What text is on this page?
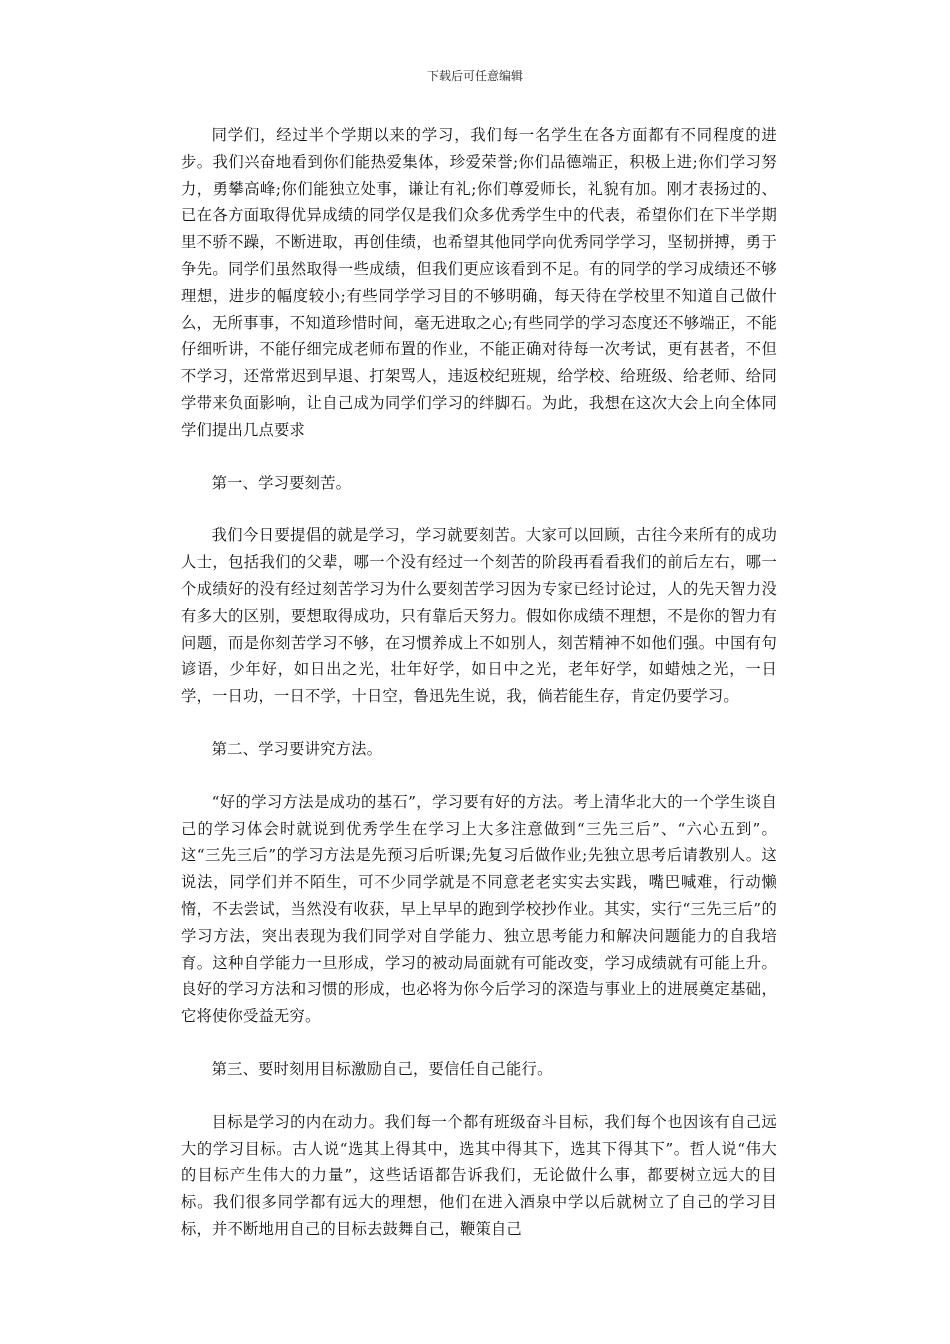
下载后可任意编辑

同学们，经过半个学期以来的学习，我们每一名学生在各方面都有不同程度的进步。我们兴奋地看到你们能热爱集体，珍爱荣誉;你们品德端正，积极上进;你们学习努力，勇攀高峰;你们能独立处事，谦让有礼;你们尊爱师长，礼貌有加。刚才表扬过的、已在各方面取得优异成绩的同学仅是我们众多优秀学生中的代表，希望你们在下半学期里不骄不躁，不断进取，再创佳绩，也希望其他同学向优秀同学学习，坚韧拼搏，勇于争先。同学们虽然取得一些成绩，但我们更应该看到不足。有的同学的学习成绩还不够理想，进步的幅度较小;有些同学学习目的不够明确，每天待在学校里不知道自己做什么，无所事事，不知道珍惜时间，毫无进取之心;有些同学的学习态度还不够端正，不能仔细听讲，不能仔细完成老师布置的作业，不能正确对待每一次考试，更有甚者，不但不学习，还常常迟到早退、打架骂人，违返校纪班规，给学校、给班级、给老师、给同学带来负面影响，让自己成为同学们学习的绊脚石。为此，我想在这次大会上向全体同学们提出几点要求

第一、学习要刻苦。

我们今日要提倡的就是学习，学习就要刻苦。大家可以回顾，古往今来所有的成功人士，包括我们的父辈，哪一个没有经过一个刻苦的阶段再看看我们的前后左右，哪一个成绩好的没有经过刻苦学习为什么要刻苦学习因为专家已经讨论过，人的先天智力没有多大的区别，要想取得成功，只有靠后天努力。假如你成绩不理想，不是你的智力有问题，而是你刻苦学习不够，在习惯养成上不如别人，刻苦精神不如他们强。中国有句谚语，少年好，如日出之光，壮年好学，如日中之光，老年好学，如蜡烛之光，一日学，一日功，一日不学，十日空，鲁迅先生说，我，倘若能生存，肯定仍要学习。

第二、学习要讲究方法。

“好的学习方法是成功的基石”，学习要有好的方法。考上清华北大的一个学生谈自己的学习体会时就说到优秀学生在学习上大多注意做到“三先三后”、“六心五到”。这“三先三后”的学习方法是先预习后听课;先复习后做作业;先独立思考后请教别人。这说法，同学们并不陌生，可不少同学就是不同意老老实实去实践，嘴巴喊难，行动懒惰，不去尝试，当然没有收获，早上早早的跑到学校抄作业。其实，实行“三先三后”的学习方法，突出表现为我们同学对自学能力、独立思考能力和解决问题能力的自我培育。这种自学能力一旦形成，学习的被动局面就有可能改变，学习成绩就有可能上升。良好的学习方法和习惯的形成，也必将为你今后学习的深造与事业上的进展奠定基础，它将使你受益无穷。

第三、要时刻用目标激励自己，要信任自己能行。

目标是学习的内在动力。我们每一个都有班级奋斗目标，我们每个也因该有自己远大的学习目标。古人说“选其上得其中，选其中得其下，选其下得其下”。哲人说“伟大的目标产生伟大的力量”，这些话语都告诉我们，无论做什么事，都要树立远大的目标。我们很多同学都有远大的理想，他们在进入酒泉中学以后就树立了自己的学习目标，并不断地用自己的目标去鼓舞自己，鞭策自己
